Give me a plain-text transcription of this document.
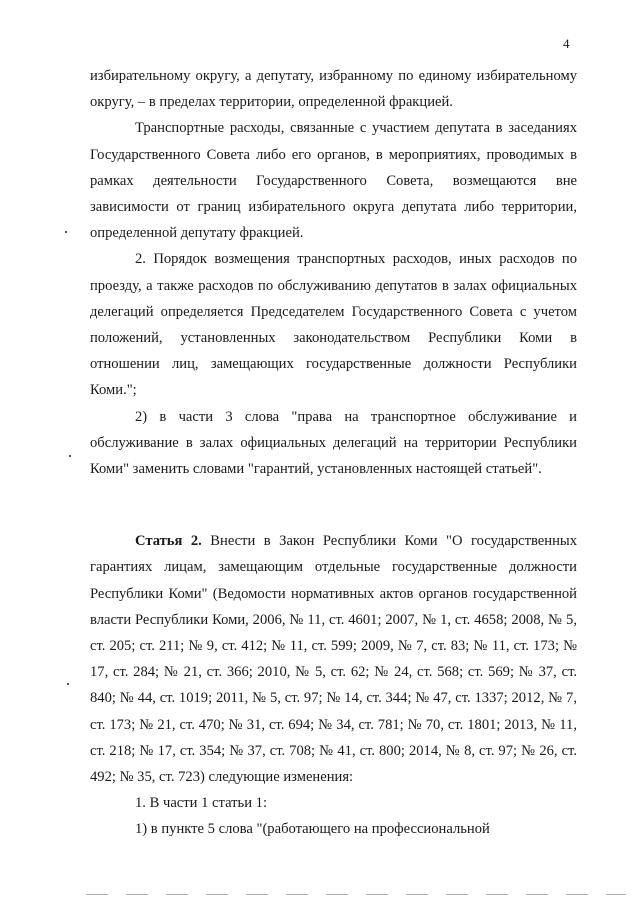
4

избирательному округу, а депутату, избранному по единому избирательному округу, – в пределах территории, определенной фракцией.

Транспортные расходы, связанные с участием депутата в заседаниях Государственного Совета либо его органов, в мероприятиях, проводимых в рамках деятельности Государственного Совета, возмещаются вне зависимости от границ избирательного округа депутата либо территории, определенной депутату фракцией.

2. Порядок возмещения транспортных расходов, иных расходов по проезду, а также расходов по обслуживанию депутатов в залах официальных делегаций определяется Председателем Государственного Совета с учетом положений, установленных законодательством Республики Коми в отношении лиц, замещающих государственные должности Республики Коми.";

2) в части 3 слова "права на транспортное обслуживание и обслуживание в залах официальных делегаций на территории Республики Коми" заменить словами "гарантий, установленных настоящей статьей".

Статья 2. Внести в Закон Республики Коми "О государственных гарантиях лицам, замещающим отдельные государственные должности Республики Коми" (Ведомости нормативных актов органов государственной власти Республики Коми, 2006, № 11, ст. 4601; 2007, № 1, ст. 4658; 2008, № 5, ст. 205; ст. 211; № 9, ст. 412; № 11, ст. 599; 2009, № 7, ст. 83; № 11, ст. 173; № 17, ст. 284; № 21, ст. 366; 2010, № 5, ст. 62; № 24, ст. 568; ст. 569; № 37, ст. 840; № 44, ст. 1019; 2011, № 5, ст. 97; № 14, ст. 344; № 47, ст. 1337; 2012, № 7, ст. 173; № 21, ст. 470; № 31, ст. 694; № 34, ст. 781; № 70, ст. 1801; 2013, № 11, ст. 218; № 17, ст. 354; № 37, ст. 708; № 41, ст. 800; 2014, № 8, ст. 97; № 26, ст. 492; № 35, ст. 723) следующие изменения:

1. В части 1 статьи 1:

1) в пункте 5 слова "(работающего на профессиональной
